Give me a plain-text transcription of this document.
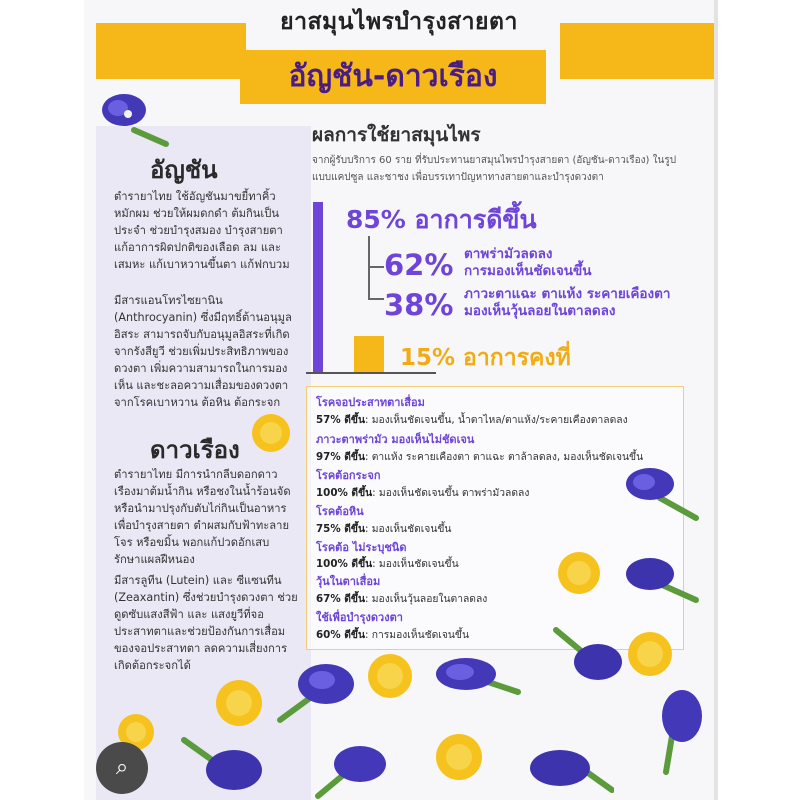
ยาสมุนไพรบำรุงสายตา
อัญชัน-ดาวเรือง
อัญชัน

ตำรายาไทย ใช้อัญชันมาขยี้ทาคิ้ว หมักผม ช่วยให้ผมดกดำ ต้มกินเป็นประจำ ช่วยบำรุงสมอง บำรุงสายตา แก้อาการผิดปกติของเลือด ลม และเสมหะ แก้เบาหวานขึ้นตา แก้ฟกบวม

มีสารแอนโทรไซยานิน (Anthrocyanin) ซึ่งมีฤทธิ์ต้านอนุมูลอิสระ สามารถจับกับอนุมูลอิสระที่เกิดจากรังสียูวี ช่วยเพิ่มประสิทธิภาพของดวงตา เพิ่มความสามารถในการมองเห็น และชะลอความเสื่อมของดวงตาจากโรคเบาหวาน ต้อหิน ต้อกระจก

ดาวเรือง

ตำรายาไทย มีการนำกลีบดอกดาวเรืองมาต้มน้ำกิน หรือชงในน้ำร้อนจัด หรือนำมาปรุงกับตับไก่กินเป็นอาหาร เพื่อบำรุงสายตา ตำผสมกับฟ้าทะลายโจร หรือขมิ้น พอกแก้ปวดอักเสบ รักษาแผลฝีหนอง

มีสารลูทีน (Lutein) และ ซีแซนทีน (Zeaxantin) ซึ่งช่วยบำรุงดวงตา ช่วยดูดซับแสงสีฟ้า และ แสงยูวีที่จอประสาทตาและช่วยป้องกันการเสื่อมของจอประสาทตา ลดความเสี่ยงการเกิดต้อกระจกได้

ผลการใช้ยาสมุนไพร

จากผู้รับบริการ 60 ราย ที่รับประทานยาสมุนไพรบำรุงสายตา (อัญชัน-ดาวเรือง) ในรูปแบบแคปซูล และชาชง เพื่อบรรเทาปัญหาทางสายตาและบำรุงดวงตา

85% อาการดีขึ้น
62% ตาพร่ามัวลดลง
การมองเห็นชัดเจนขึ้น

38% ภาวะตาแฉะ ตาแห้ง ระคายเคืองตา
มองเห็นวุ้นลอยในตาลดลง

15% อาการคงที่
โรคจอประสาทตาเสื่อม
57% ดีขึ้น: มองเห็นชัดเจนขึ้น, น้ำตาไหล/ตาแห้ง/ระคายเคืองตาลดลง
ภาวะตาพร่ามัว มองเห็นไม่ชัดเจน
97% ดีขึ้น: ตาแห้ง ระคายเคืองตา ตาแฉะ ตาล้าลดลง, มองเห็นชัดเจนขึ้น
โรคต้อกระจก
100% ดีขึ้น: มองเห็นชัดเจนขึ้น ตาพร่ามัวลดลง
โรคต้อหิน
75% ดีขึ้น: มองเห็นชัดเจนขึ้น
โรคต้อ ไม่ระบุชนิด
100% ดีขึ้น: มองเห็นชัดเจนขึ้น
วุ้นในตาเสื่อม
67% ดีขึ้น: มองเห็นวุ้นลอยในตาลดลง
ใช้เพื่อบำรุงดวงตา
60% ดีขึ้น: การมองเห็นชัดเจนขึ้น
⌕
